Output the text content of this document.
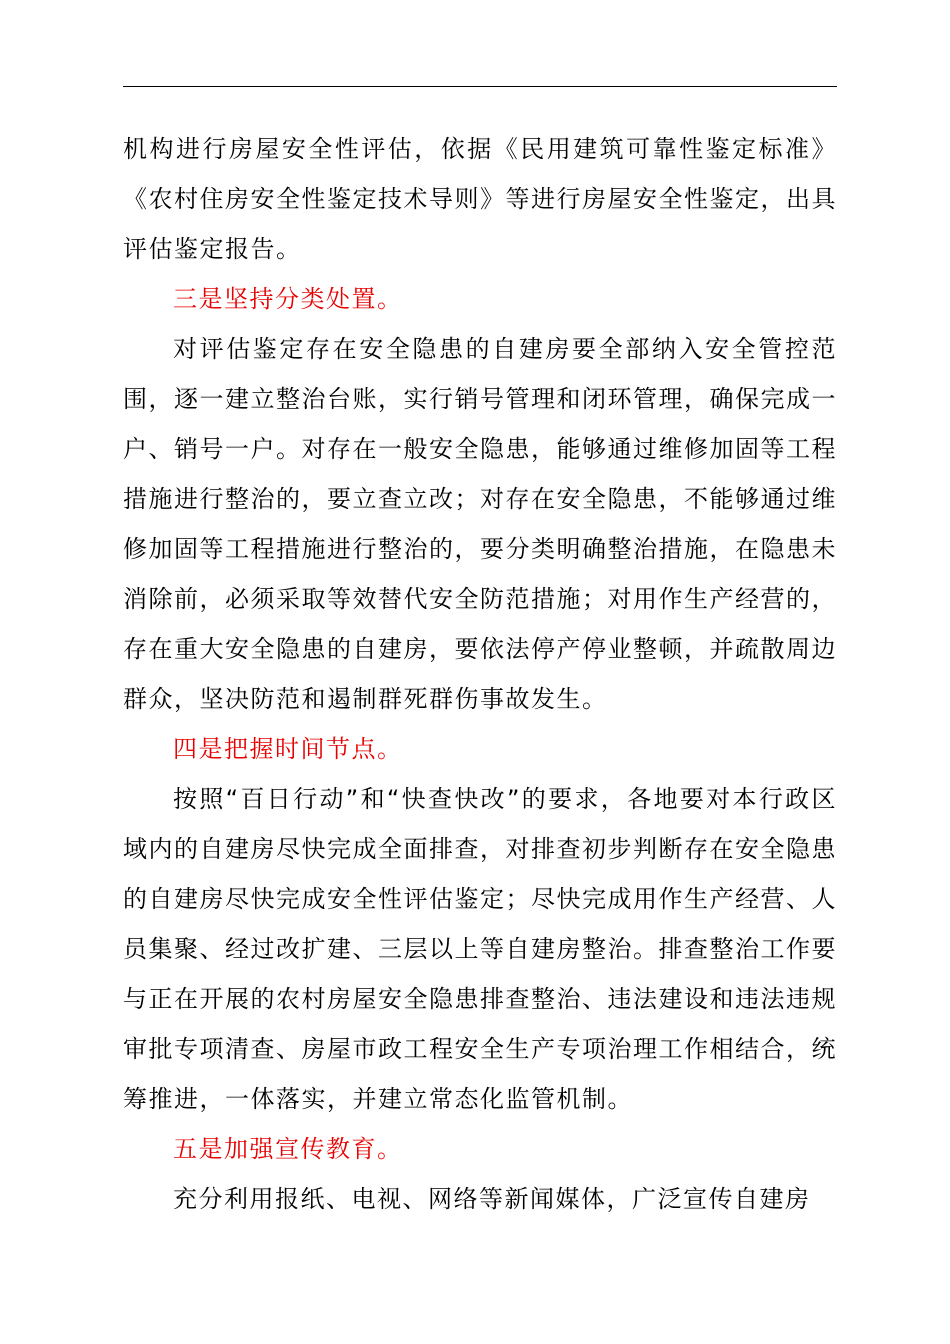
机构进行房屋安全性评估，依据《民用建筑可靠性鉴定标准》《农村住房安全性鉴定技术导则》等进行房屋安全性鉴定，出具评估鉴定报告。

三是坚持分类处置。

对评估鉴定存在安全隐患的自建房要全部纳入安全管控范围，逐一建立整治台账，实行销号管理和闭环管理，确保完成一户、销号一户。对存在一般安全隐患，能够通过维修加固等工程措施进行整治的，要立查立改；对存在安全隐患，不能够通过维修加固等工程措施进行整治的，要分类明确整治措施，在隐患未消除前，必须采取等效替代安全防范措施；对用作生产经营的，存在重大安全隐患的自建房，要依法停产停业整顿，并疏散周边群众，坚决防范和遏制群死群伤事故发生。

四是把握时间节点。

按照“百日行动”和“快查快改”的要求，各地要对本行政区域内的自建房尽快完成全面排查，对排查初步判断存在安全隐患的自建房尽快完成安全性评估鉴定；尽快完成用作生产经营、人员集聚、经过改扩建、三层以上等自建房整治。排查整治工作要与正在开展的农村房屋安全隐患排查整治、违法建设和违法违规审批专项清查、房屋市政工程安全生产专项治理工作相结合，统筹推进，一体落实，并建立常态化监管机制。

五是加强宣传教育。

充分利用报纸、电视、网络等新闻媒体，广泛宣传自建房
